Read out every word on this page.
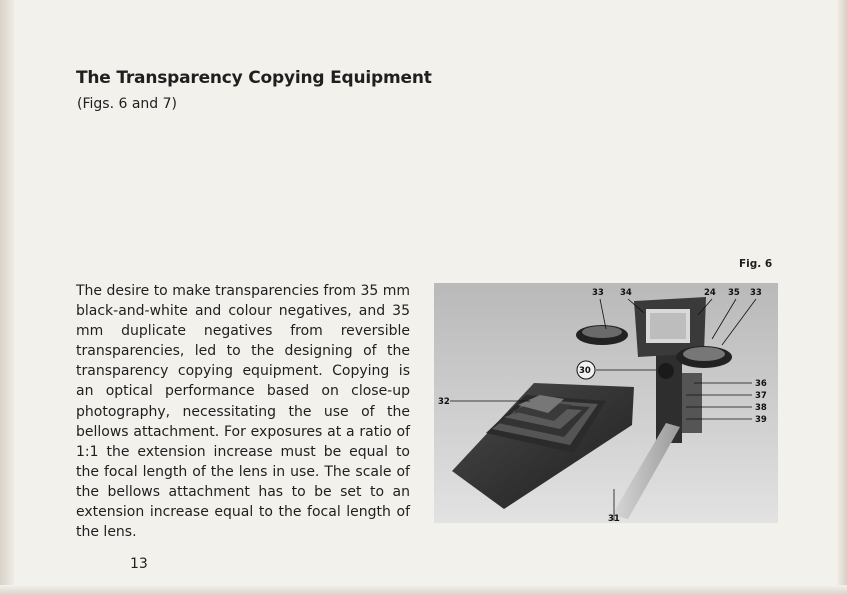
The Transparency Copying Equipment
(Figs. 6 and 7)
The desire to make transparencies from 35 mm black-and-white and colour negatives, and 35 mm duplicate negatives from reversible transparencies, led to the designing of the transparency copying equipment. Copying is an optical performance based on close-up photography, necessitating the use of the bellows attachment. For exposures at a ratio of 1:1 the extension increase must be equal to the focal length of the lens in use. The scale of the bellows attachment has to be set to an extension increase equal to the focal length of the lens.
13
Fig. 6
33 34	24 35 33
30
32
36
37
38
39
31
